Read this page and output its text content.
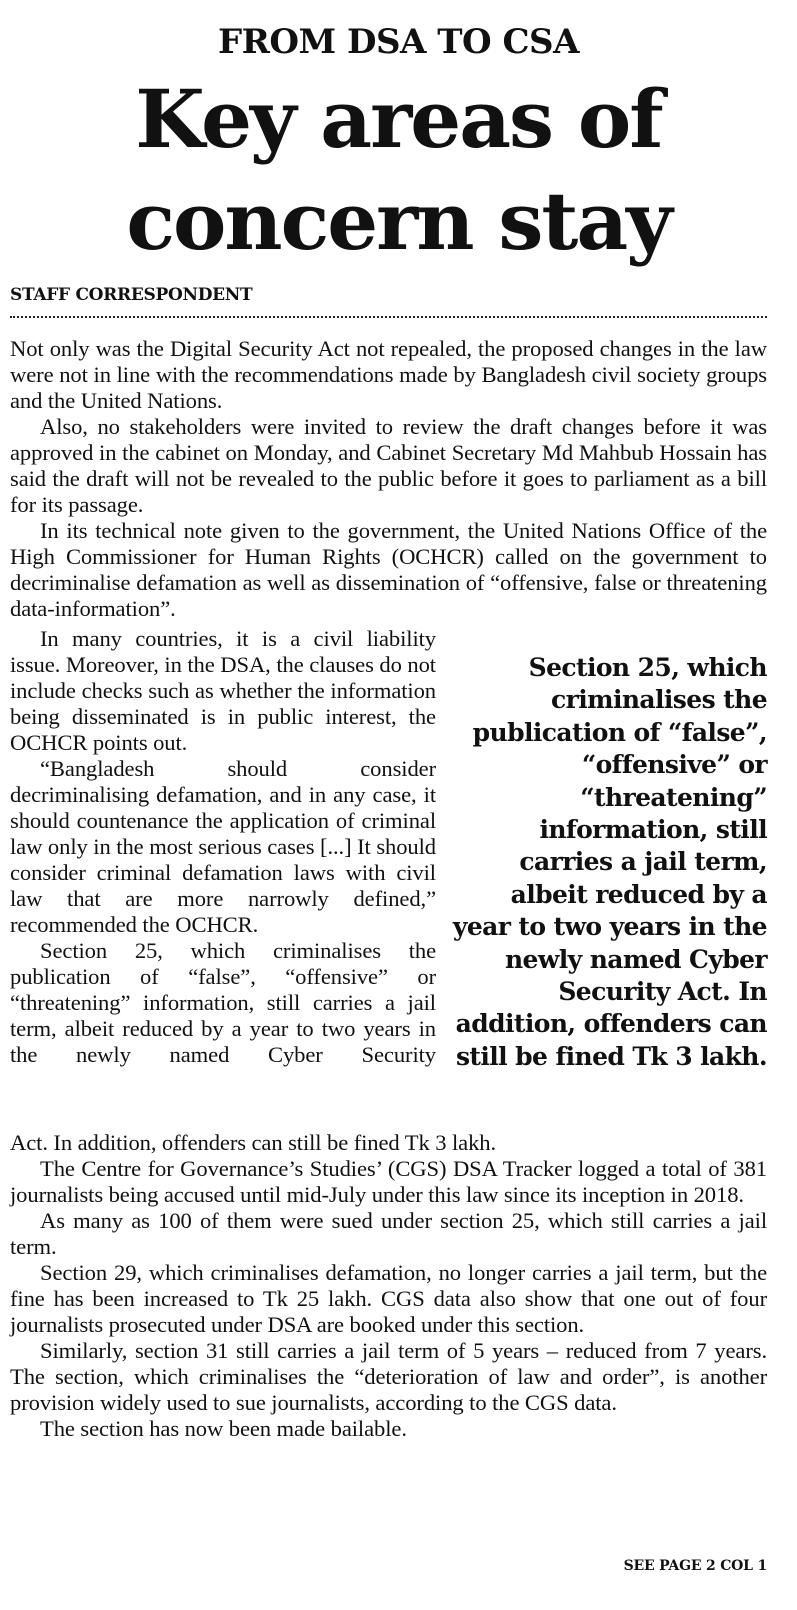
FROM DSA TO CSA
Key areas of concern stay
STAFF CORRESPONDENT

Not only was the Digital Security Act not repealed, the proposed changes in the law were not in line with the recommendations made by Bangladesh civil society groups and the United Nations.

Also, no stakeholders were invited to review the draft changes before it was approved in the cabinet on Monday, and Cabinet Secretary Md Mahbub Hossain has said the draft will not be revealed to the public before it goes to parliament as a bill for its passage.

In its technical note given to the government, the United Nations Office of the High Commissioner for Human Rights (OCHCR) called on the government to decriminalise defamation as well as dissemination of “offensive, false or threatening data-information”.

In many countries, it is a civil liability issue. Moreover, in the DSA, the clauses do not include checks such as whether the information being disseminated is in public interest, the OCHCR points out.

“Bangladesh should consider decriminalising defamation, and in any case, it should countenance the application of criminal law only in the most serious cases [...] It should consider criminal defamation laws with civil law that are more narrowly defined,” recommended the OCHCR.

Section 25, which criminalises the publication of “false”, “offensive” or “threatening” information, still carries a jail term, albeit reduced by a year to two years in the newly named Cyber Security

Section 25, which criminalises the publication of “false”, “offensive” or “threatening” information, still carries a jail term, albeit reduced by a year to two years in the newly named Cyber Security Act. In addition, offenders can still be fined Tk 3 lakh.

Act. In addition, offenders can still be fined Tk 3 lakh.

The Centre for Governance’s Studies’ (CGS) DSA Tracker logged a total of 381 journalists being accused until mid-July under this law since its inception in 2018.

As many as 100 of them were sued under section 25, which still carries a jail term.

Section 29, which criminalises defamation, no longer carries a jail term, but the fine has been increased to Tk 25 lakh. CGS data also show that one out of four journalists prosecuted under DSA are booked under this section.

Similarly, section 31 still carries a jail term of 5 years – reduced from 7 years. The section, which criminalises the “deterioration of law and order”, is another provision widely used to sue journalists, according to the CGS data.

The section has now been made bailable.

SEE PAGE 2 COL 1
